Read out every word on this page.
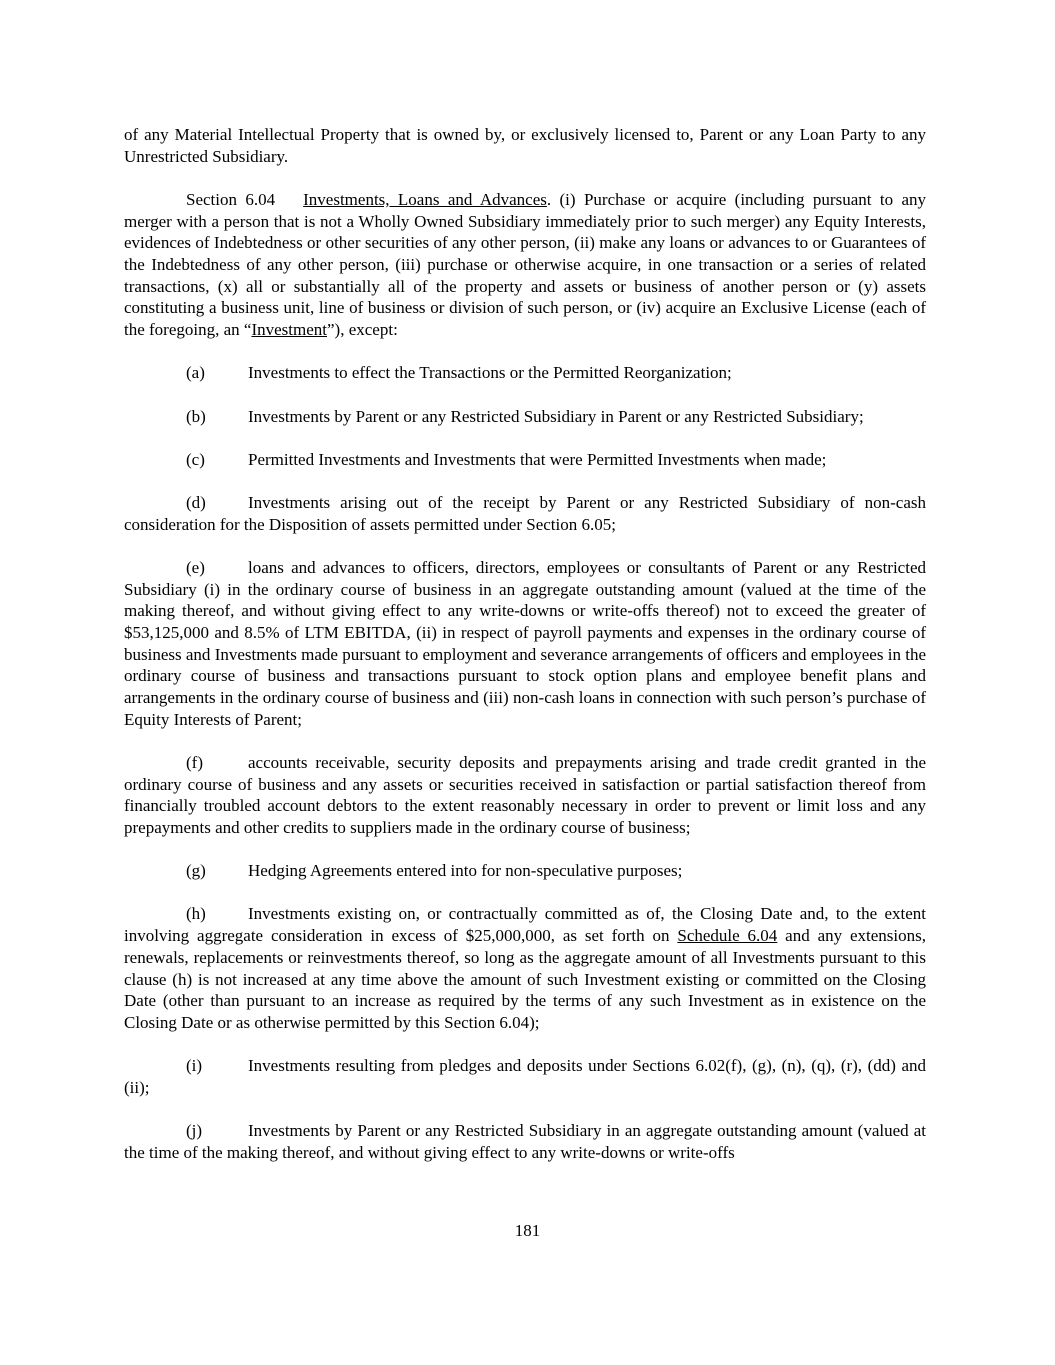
of any Material Intellectual Property that is owned by, or exclusively licensed to, Parent or any Loan Party to any Unrestricted Subsidiary.

Section 6.04 Investments, Loans and Advances. (i) Purchase or acquire (including pursuant to any merger with a person that is not a Wholly Owned Subsidiary immediately prior to such merger) any Equity Interests, evidences of Indebtedness or other securities of any other person, (ii) make any loans or advances to or Guarantees of the Indebtedness of any other person, (iii) purchase or otherwise acquire, in one transaction or a series of related transactions, (x) all or substantially all of the property and assets or business of another person or (y) assets constituting a business unit, line of business or division of such person, or (iv) acquire an Exclusive License (each of the foregoing, an “Investment”), except:

(a)	Investments to effect the Transactions or the Permitted Reorganization;

(b) Investments by Parent or any Restricted Subsidiary in Parent or any Restricted Subsidiary;

(c)	Permitted Investments and Investments that were Permitted Investments when made;

(d) Investments arising out of the receipt by Parent or any Restricted Subsidiary of non-cash consideration for the Disposition of assets permitted under Section 6.05;

(e)	loans and advances to officers, directors, employees or consultants of Parent or any Restricted Subsidiary (i) in the ordinary course of business in an aggregate outstanding amount (valued at the time of the making thereof, and without giving effect to any write-downs or write-offs thereof) not to exceed the greater of $53,125,000 and 8.5% of LTM EBITDA, (ii) in respect of payroll payments and expenses in the ordinary course of business and Investments made pursuant to employment and severance arrangements of officers and employees in the ordinary course of business and transactions pursuant to stock option plans and employee benefit plans and arrangements in the ordinary course of business and (iii) non-cash loans in connection with such person’s purchase of Equity Interests of Parent;

(f)	accounts receivable, security deposits and prepayments arising and trade credit granted in the ordinary course of business and any assets or securities received in satisfaction or partial satisfaction thereof from financially troubled account debtors to the extent reasonably necessary in order to prevent or limit loss and any prepayments and other credits to suppliers made in the ordinary course of business;

(g) Hedging Agreements entered into for non-speculative purposes;

(h) Investments existing on, or contractually committed as of, the Closing Date and, to the extent involving aggregate consideration in excess of $25,000,000, as set forth on Schedule 6.04 and any extensions, renewals, replacements or reinvestments thereof, so long as the aggregate amount of all Investments pursuant to this clause (h) is not increased at any time above the amount of such Investment existing or committed on the Closing Date (other than pursuant to an increase as required by the terms of any such Investment as in existence on the Closing Date or as otherwise permitted by this Section 6.04);

(i)	Investments resulting from pledges and deposits under Sections 6.02(f), (g), (n), (q), (r), (dd) and (ii);

(j)	Investments by Parent or any Restricted Subsidiary in an aggregate outstanding amount (valued at the time of the making thereof, and without giving effect to any write-downs or write-offs

181
